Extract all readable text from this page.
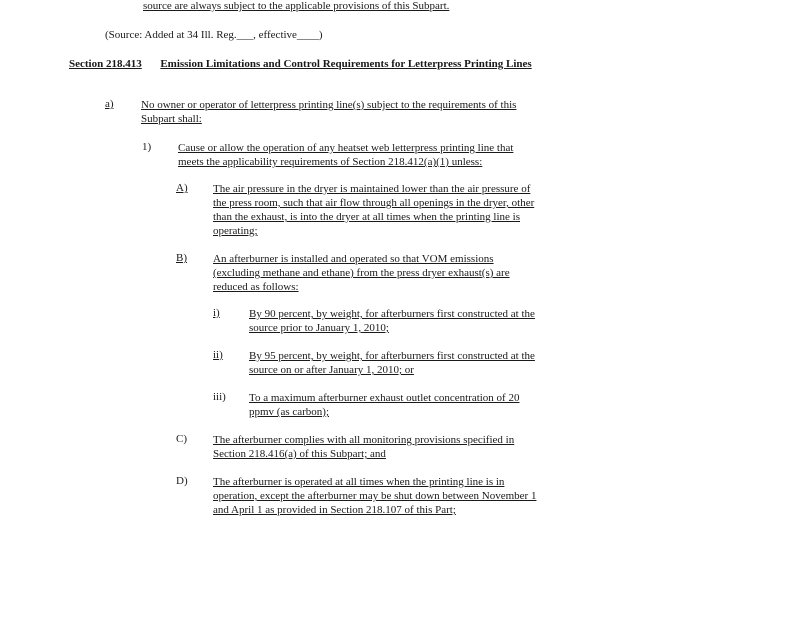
source are always subject to the applicable provisions of this Subpart.
(Source: Added at 34 Ill. Reg.___, effective____)
Section 218.413	Emission Limitations and Control Requirements for Letterpress Printing Lines
a) No owner or operator of letterpress printing line(s) subject to the requirements of this Subpart shall:
1) Cause or allow the operation of any heatset web letterpress printing line that meets the applicability requirements of Section 218.412(a)(1) unless:
A) The air pressure in the dryer is maintained lower than the air pressure of the press room, such that air flow through all openings in the dryer, other than the exhaust, is into the dryer at all times when the printing line is operating;
B) An afterburner is installed and operated so that VOM emissions (excluding methane and ethane) from the press dryer exhaust(s) are reduced as follows:
i)	By 90 percent, by weight, for afterburners first constructed at the source prior to January 1, 2010;
ii) By 95 percent, by weight, for afterburners first constructed at the source on or after January 1, 2010; or
iii) To a maximum afterburner exhaust outlet concentration of 20 ppmv (as carbon);
C) The afterburner complies with all monitoring provisions specified in Section 218.416(a) of this Subpart; and
D) The afterburner is operated at all times when the printing line is in operation, except the afterburner may be shut down between November 1 and April 1 as provided in Section 218.107 of this Part;
